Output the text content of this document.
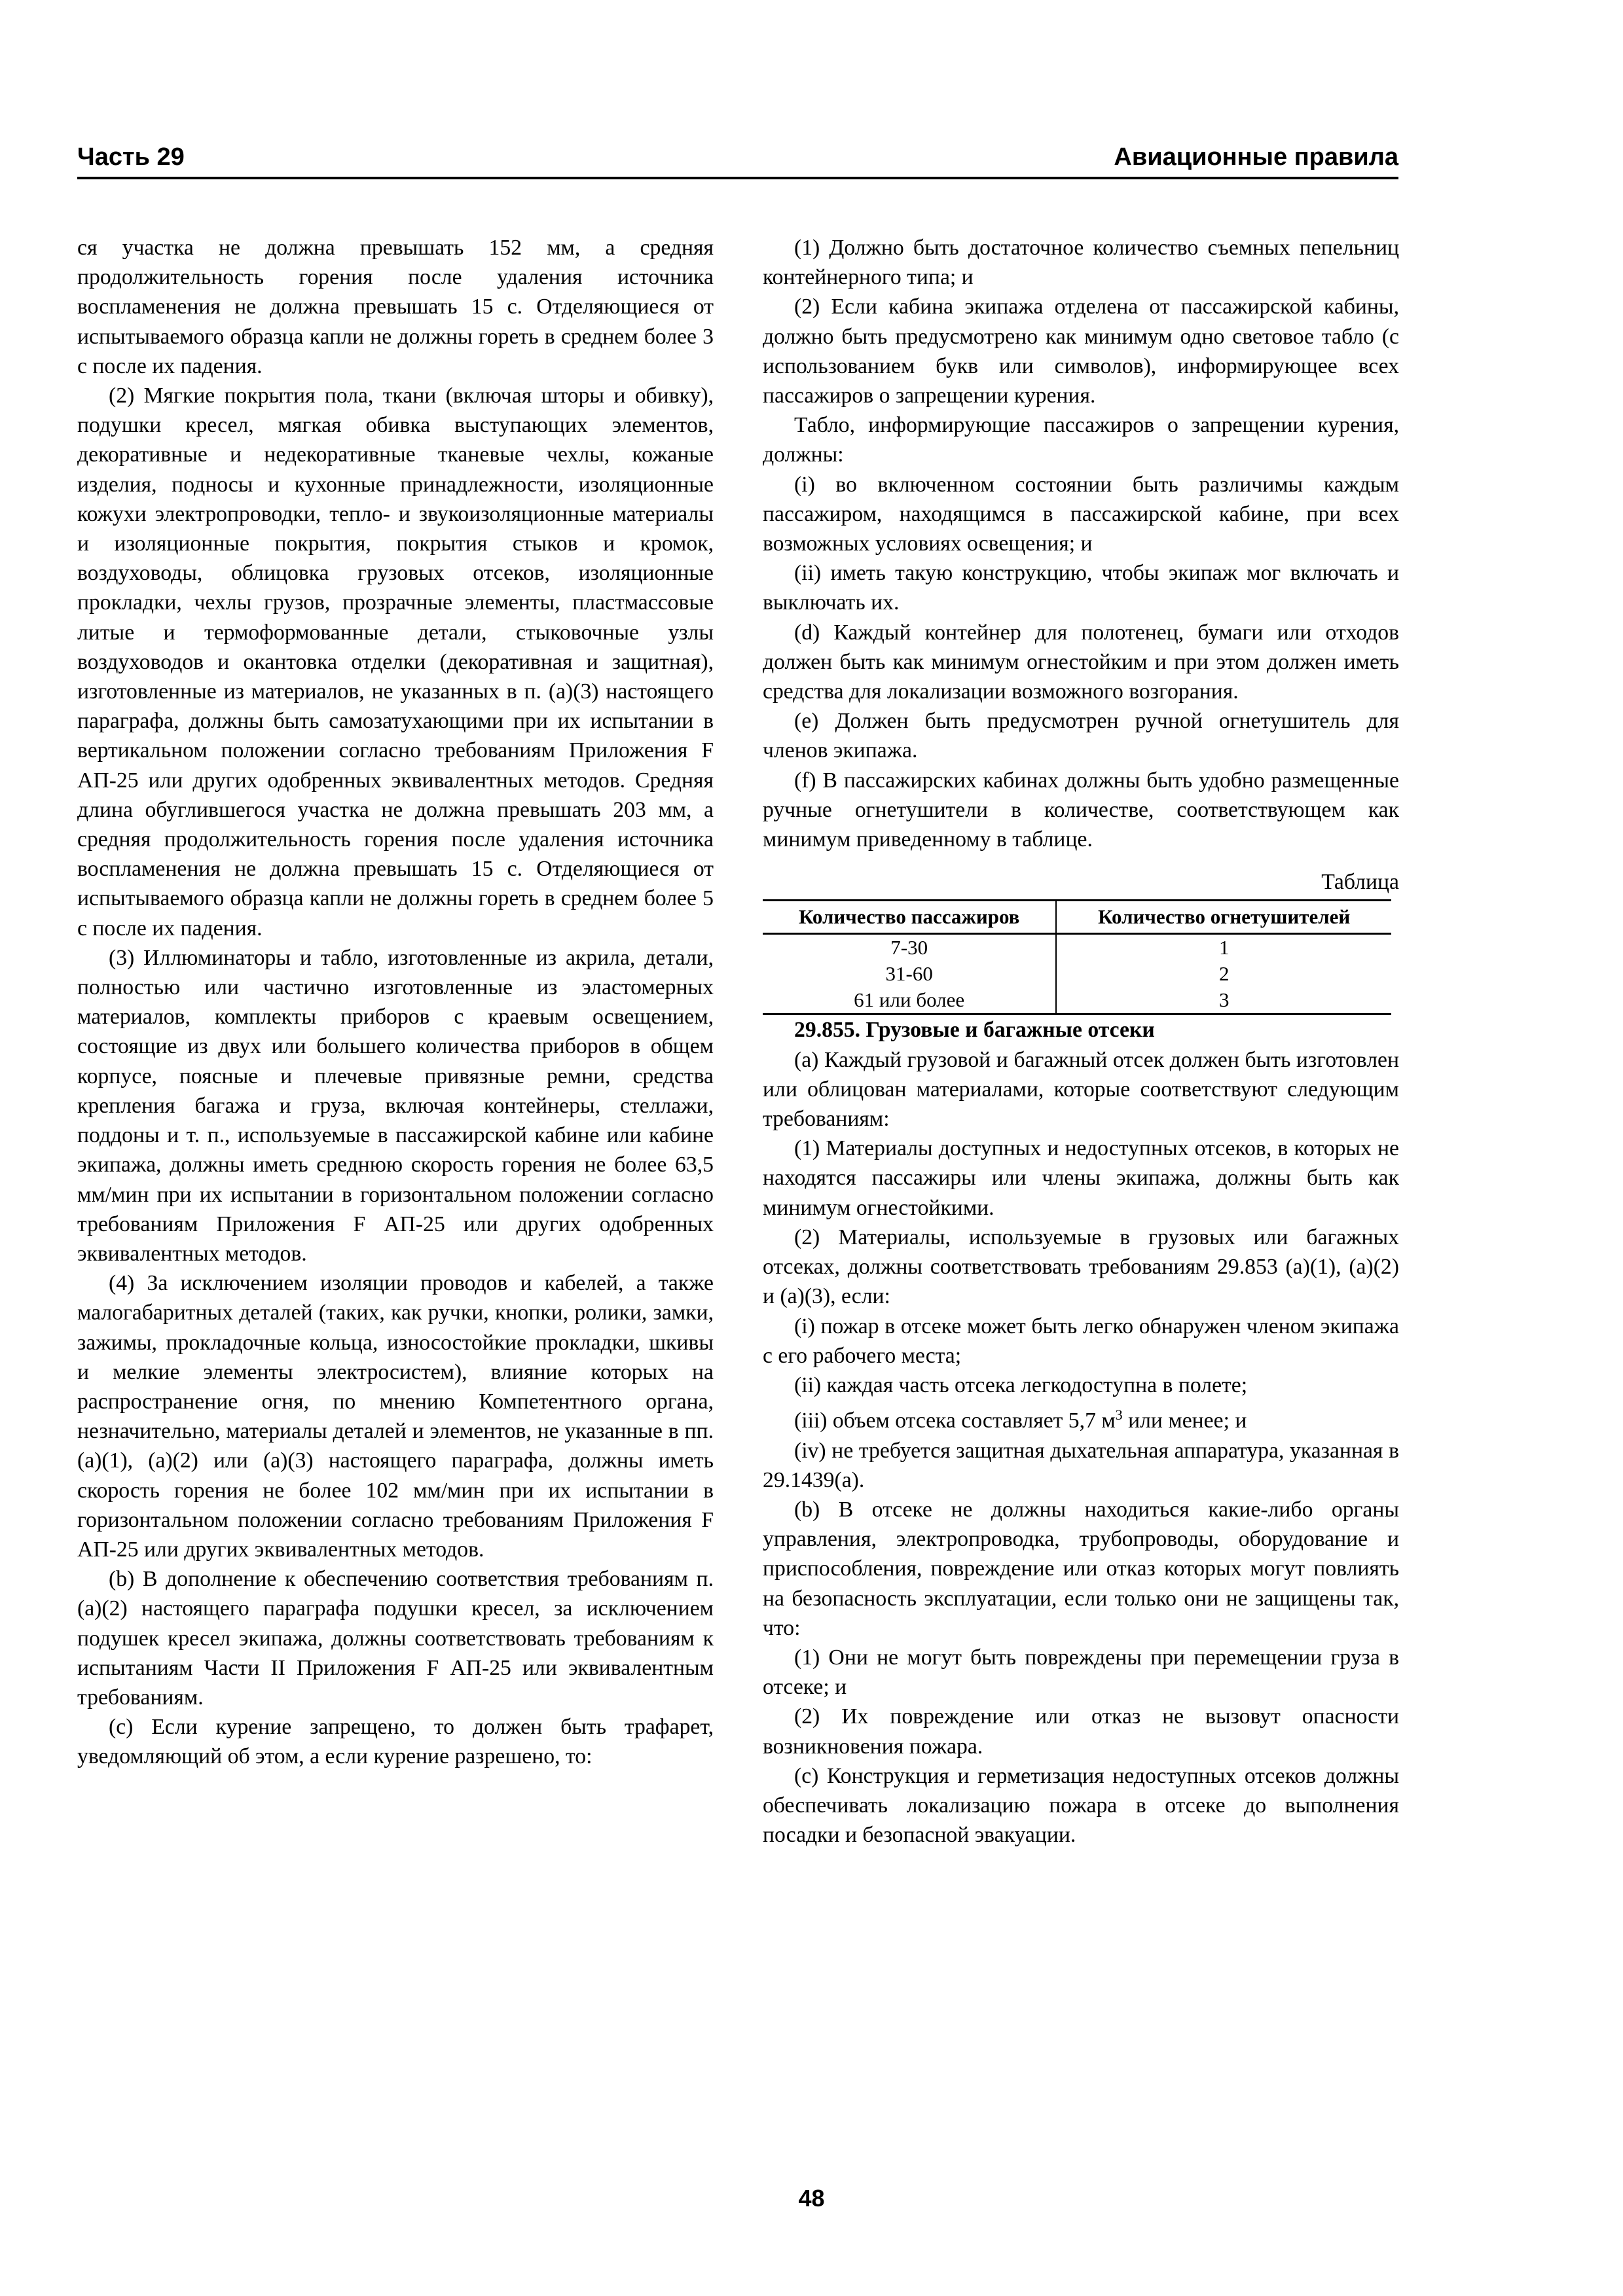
Часть 29	Авиационные правила

ся участка не должна превышать 152 мм, а средняя продолжительность горения после удаления источника воспламенения не должна превышать 15 с. Отделяющиеся от испытываемого образца капли не должны гореть в среднем более 3 с после их падения.

(2) Мягкие покрытия пола, ткани (включая шторы и обивку), подушки кресел, мягкая обивка выступающих элементов, декоративные и недекоративные тканевые чехлы, кожаные изделия, подносы и кухонные принадлежности, изоляционные кожухи электропроводки, тепло- и звукоизоляционные материалы и изоляционные покрытия, покрытия стыков и кромок, воздуховоды, облицовка грузовых отсеков, изоляционные прокладки, чехлы грузов, прозрачные элементы, пластмассовые литые и термоформованные детали, стыковочные узлы воздуховодов и окантовка отделки (декоративная и защитная), изготовленные из материалов, не указанных в п. (a)(3) настоящего параграфа, должны быть самозатухающими при их испытании в вертикальном положении согласно требованиям Приложения F АП-25 или других одобренных эквивалентных методов. Средняя длина обуглившегося участка не должна превышать 203 мм, а средняя продолжительность горения после удаления источника воспламенения не должна превышать 15 с. Отделяющиеся от испытываемого образца капли не должны гореть в среднем более 5 с после их падения.

(3) Иллюминаторы и табло, изготовленные из акрила, детали, полностью или частично изготовленные из эластомерных материалов, комплекты приборов с краевым освещением, состоящие из двух или большего количества приборов в общем корпусе, поясные и плечевые привязные ремни, средства крепления багажа и груза, включая контейнеры, стеллажи, поддоны и т. п., используемые в пассажирской кабине или кабине экипажа, должны иметь среднюю скорость горения не более 63,5 мм/мин при их испытании в горизонтальном положении согласно требованиям Приложения F АП-25 или других одобренных эквивалентных методов.

(4) За исключением изоляции проводов и кабелей, а также малогабаритных деталей (таких, как ручки, кнопки, ролики, замки, зажимы, прокладочные кольца, износостойкие прокладки, шкивы и мелкие элементы электросистем), влияние которых на распространение огня, по мнению Компетентного органа, незначительно, материалы деталей и элементов, не указанные в пп. (a)(1), (a)(2) или (a)(3) настоящего параграфа, должны иметь скорость горения не более 102 мм/мин при их испытании в горизонтальном положении согласно требованиям Приложения F АП-25 или других эквивалентных методов.

(b) В дополнение к обеспечению соответствия требованиям п. (a)(2) настоящего параграфа подушки кресел, за исключением подушек кресел экипажа, должны соответствовать требованиям к испытаниям Части II Приложения F АП-25 или эквивалентным требованиям.

(c) Если курение запрещено, то должен быть трафарет, уведомляющий об этом, а если курение разрешено, то:

(1) Должно быть достаточное количество съемных пепельниц контейнерного типа; и

(2) Если кабина экипажа отделена от пассажирской кабины, должно быть предусмотрено как минимум одно световое табло (с использованием букв или символов), информирующее всех пассажиров о запрещении курения.

Табло, информирующие пассажиров о запрещении курения, должны:

(i) во включенном состоянии быть различимы каждым пассажиром, находящимся в пассажирской кабине, при всех возможных условиях освещения; и

(ii) иметь такую конструкцию, чтобы экипаж мог включать и выключать их.

(d) Каждый контейнер для полотенец, бумаги или отходов должен быть как минимум огнестойким и при этом должен иметь средства для локализации возможного возгорания.

(e) Должен быть предусмотрен ручной огнетушитель для членов экипажа.

(f) В пассажирских кабинах должны быть удобно размещенные ручные огнетушители в количестве, соответствующем как минимум приведенному в таблице.

Таблица
Количество пассажиров	Количество огнетушителей
7-30	1
31-60	2
61 или более	3

29.855. Грузовые и багажные отсеки

(a) Каждый грузовой и багажный отсек должен быть изготовлен или облицован материалами, которые соответствуют следующим требованиям:

(1) Материалы доступных и недоступных отсеков, в которых не находятся пассажиры или члены экипажа, должны быть как минимум огнестойкими.

(2) Материалы, используемые в грузовых или багажных отсеках, должны соответствовать требованиям 29.853 (a)(1), (a)(2) и (a)(3), если:

(i) пожар в отсеке может быть легко обнаружен членом экипажа с его рабочего места;

(ii) каждая часть отсека легкодоступна в полете;

(iii) объем отсека составляет 5,7 $м^3$ или менее; и

(iv) не требуется защитная дыхательная аппаратура, указанная в 29.1439(a).

(b) В отсеке не должны находиться какие-либо органы управления, электропроводка, трубопроводы, оборудование и приспособления, повреждение или отказ которых могут повлиять на безопасность эксплуатации, если только они не защищены так, что:

(1) Они не могут быть повреждены при перемещении груза в отсеке; и

(2) Их повреждение или отказ не вызовут опасности возникновения пожара.

(c) Конструкция и герметизация недоступных отсеков должны обеспечивать локализацию пожара в отсеке до выполнения посадки и безопасной эвакуации.

48
